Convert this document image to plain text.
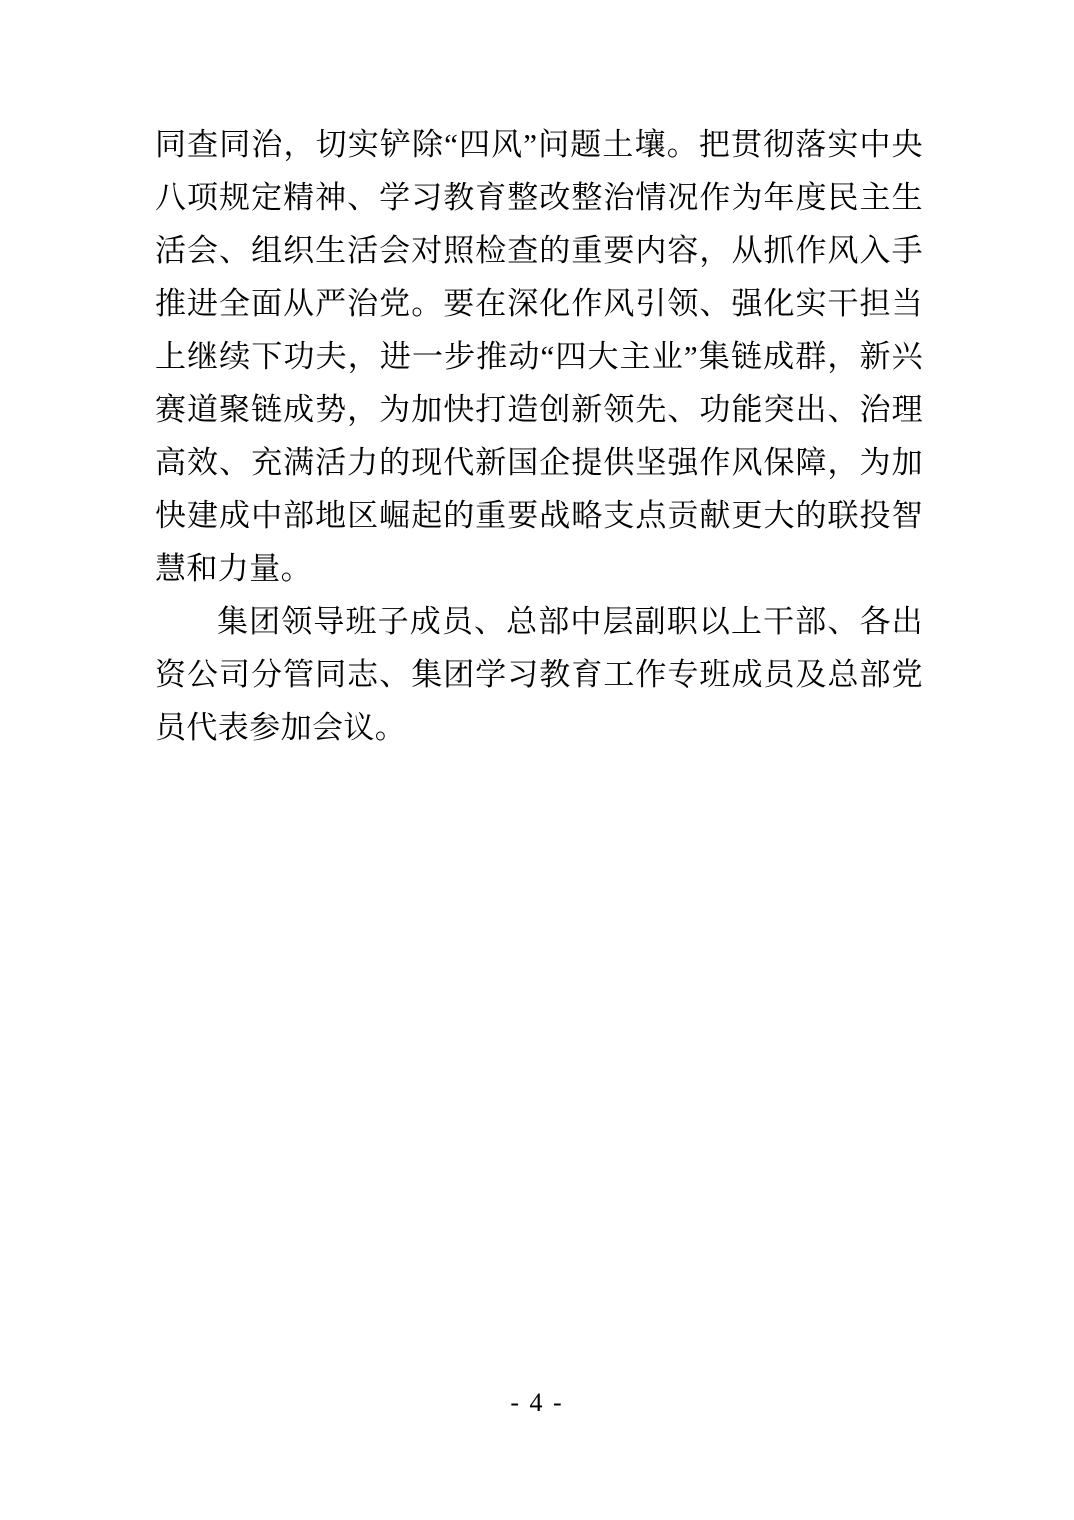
同查同治，切实铲除“四风”问题土壤。把贯彻落实中央八项规定精神、学习教育整改整治情况作为年度民主生活会、组织生活会对照检查的重要内容，从抓作风入手推进全面从严治党。要在深化作风引领、强化实干担当上继续下功夫，进一步推动“四大主业”集链成群，新兴赛道聚链成势，为加快打造创新领先、功能突出、治理高效、充满活力的现代新国企提供坚强作风保障，为加快建成中部地区崛起的重要战略支点贡献更大的联投智慧和力量。

集团领导班子成员、总部中层副职以上干部、各出资公司分管同志、集团学习教育工作专班成员及总部党员代表参加会议。

- 4 -
